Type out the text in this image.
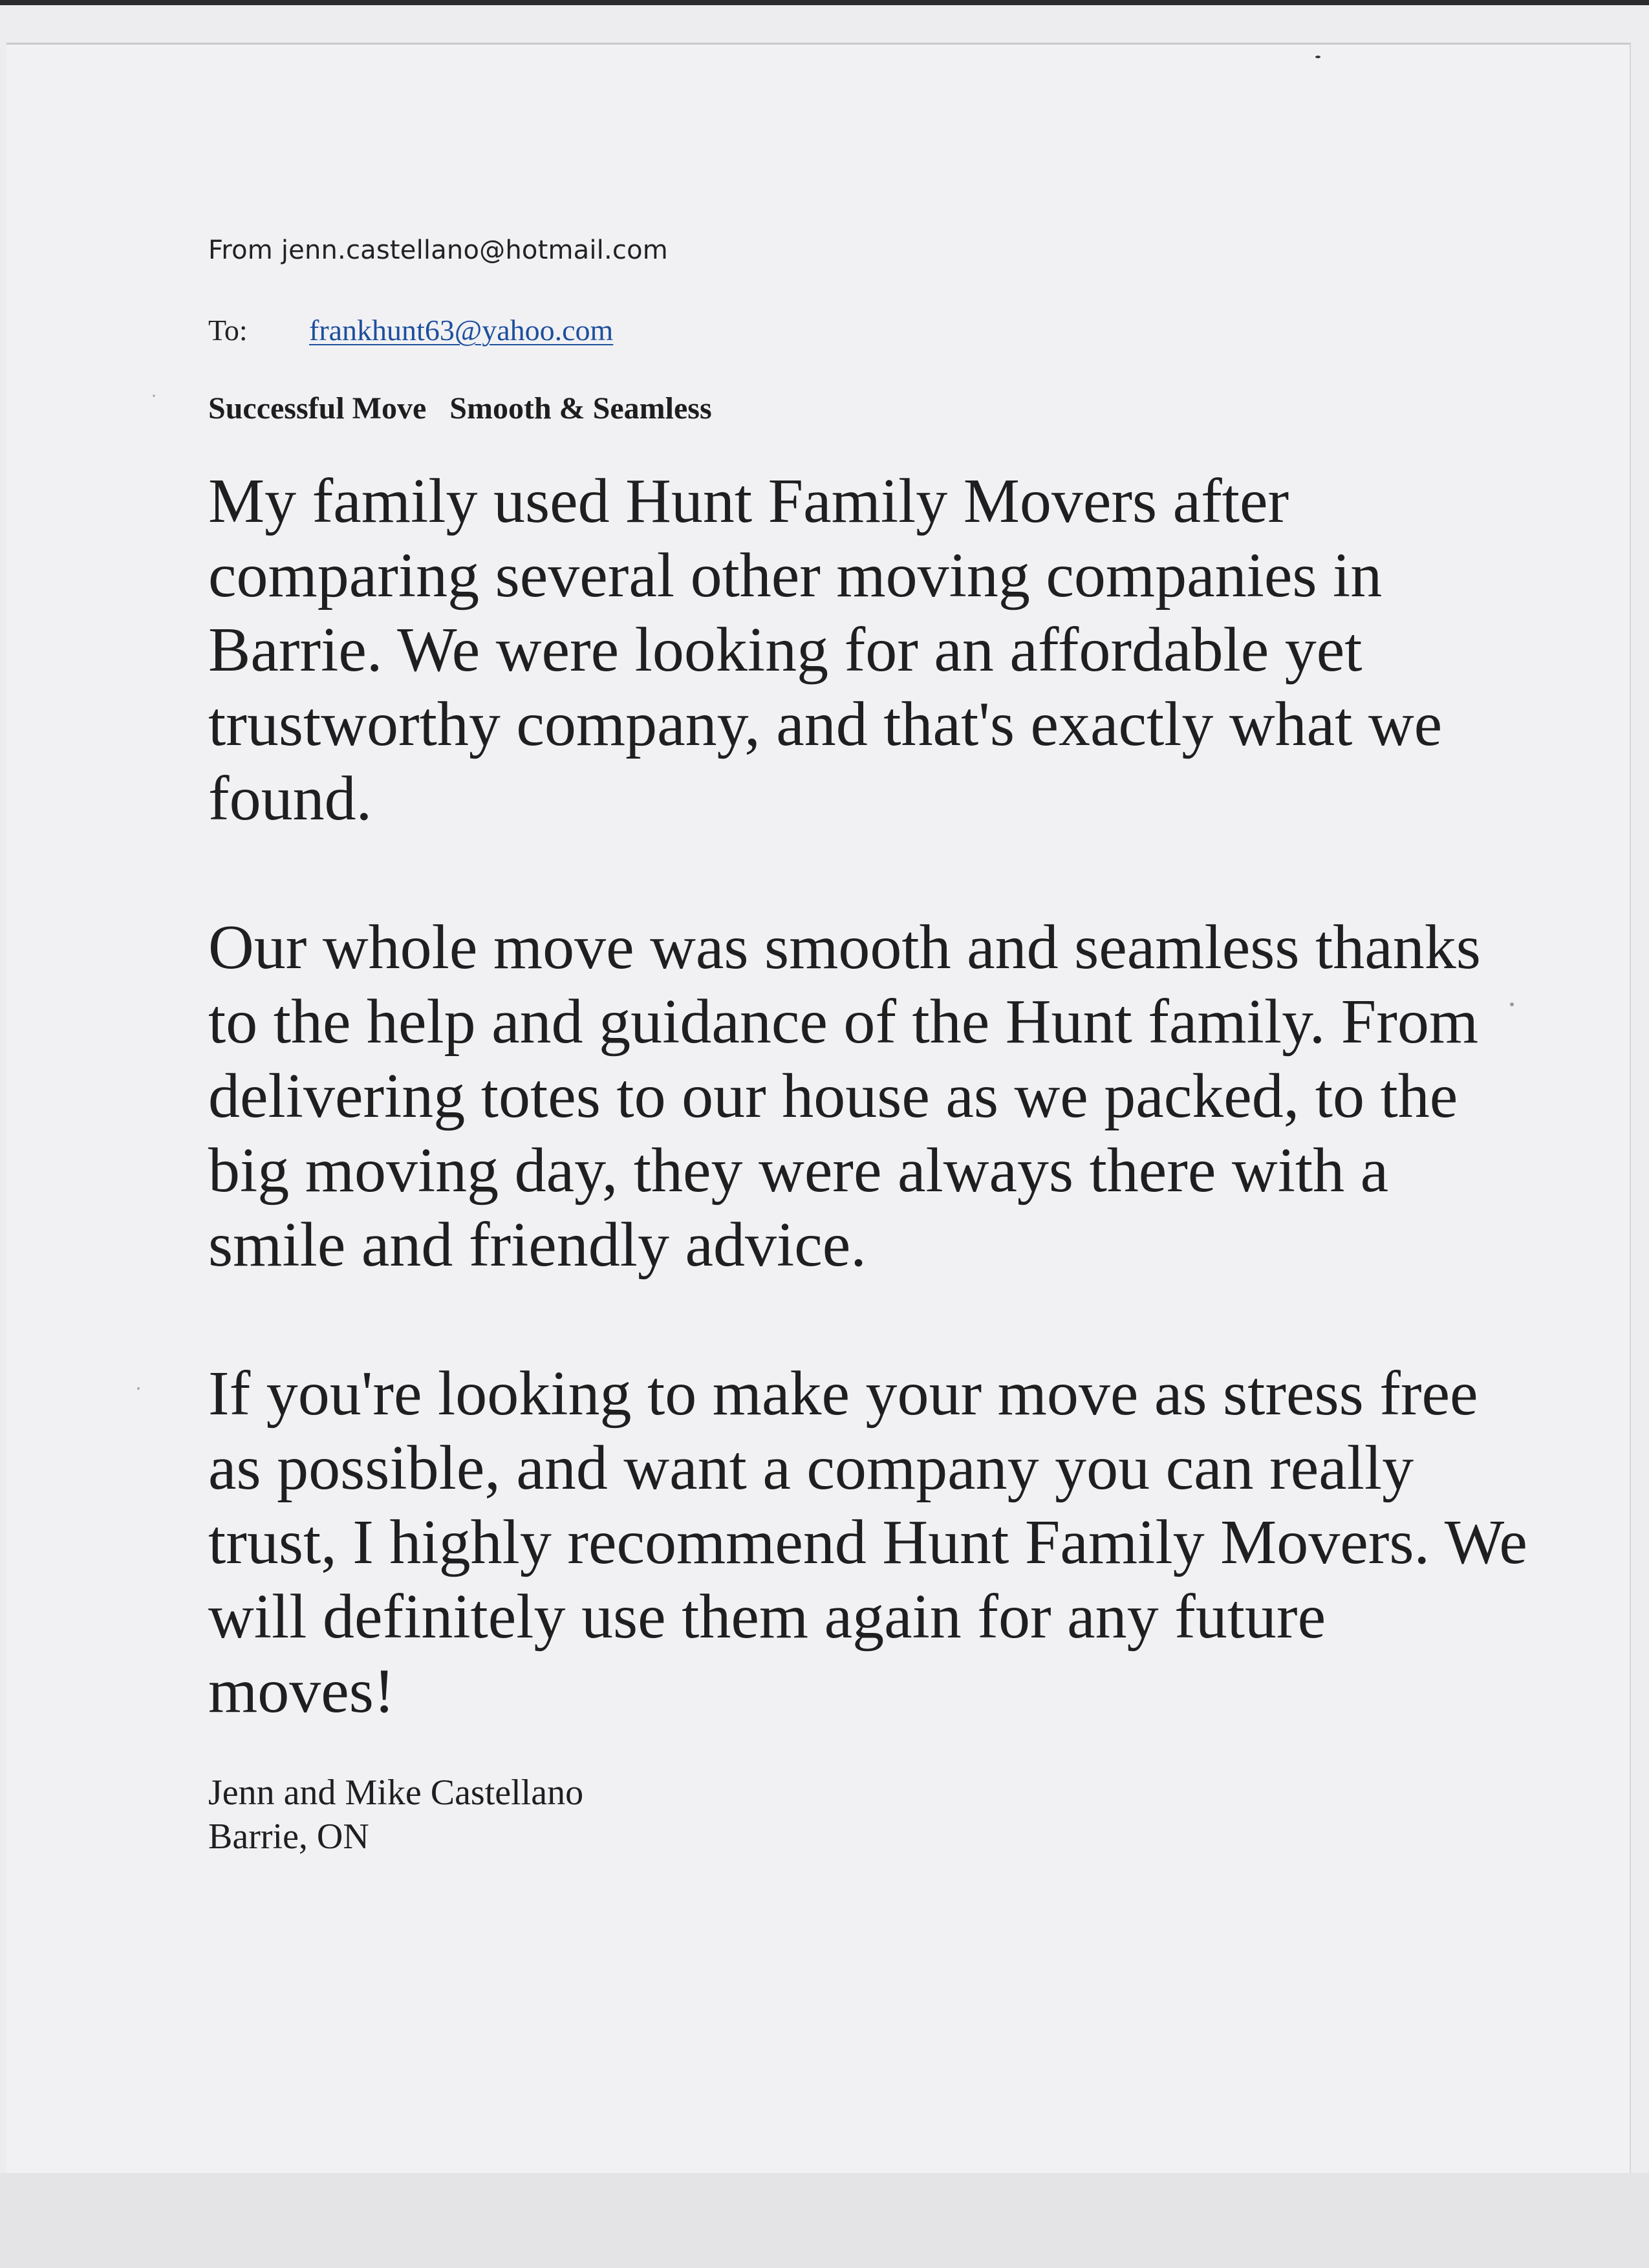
From jenn.castellano@hotmail.com
To: frankhunt63@yahoo.com
Successful Move   Smooth & Seamless

My family used Hunt Family Movers after comparing several other moving companies in Barrie. We were looking for an affordable yet trustworthy company, and that's exactly what we found.

Our whole move was smooth and seamless thanks to the help and guidance of the Hunt family. From delivering totes to our house as we packed, to the big moving day, they were always there with a smile and friendly advice.

If you're looking to make your move as stress free as possible, and want a company you can really trust, I highly recommend Hunt Family Movers. We will definitely use them again for any future moves!

Jenn and Mike Castellano
Barrie, ON
